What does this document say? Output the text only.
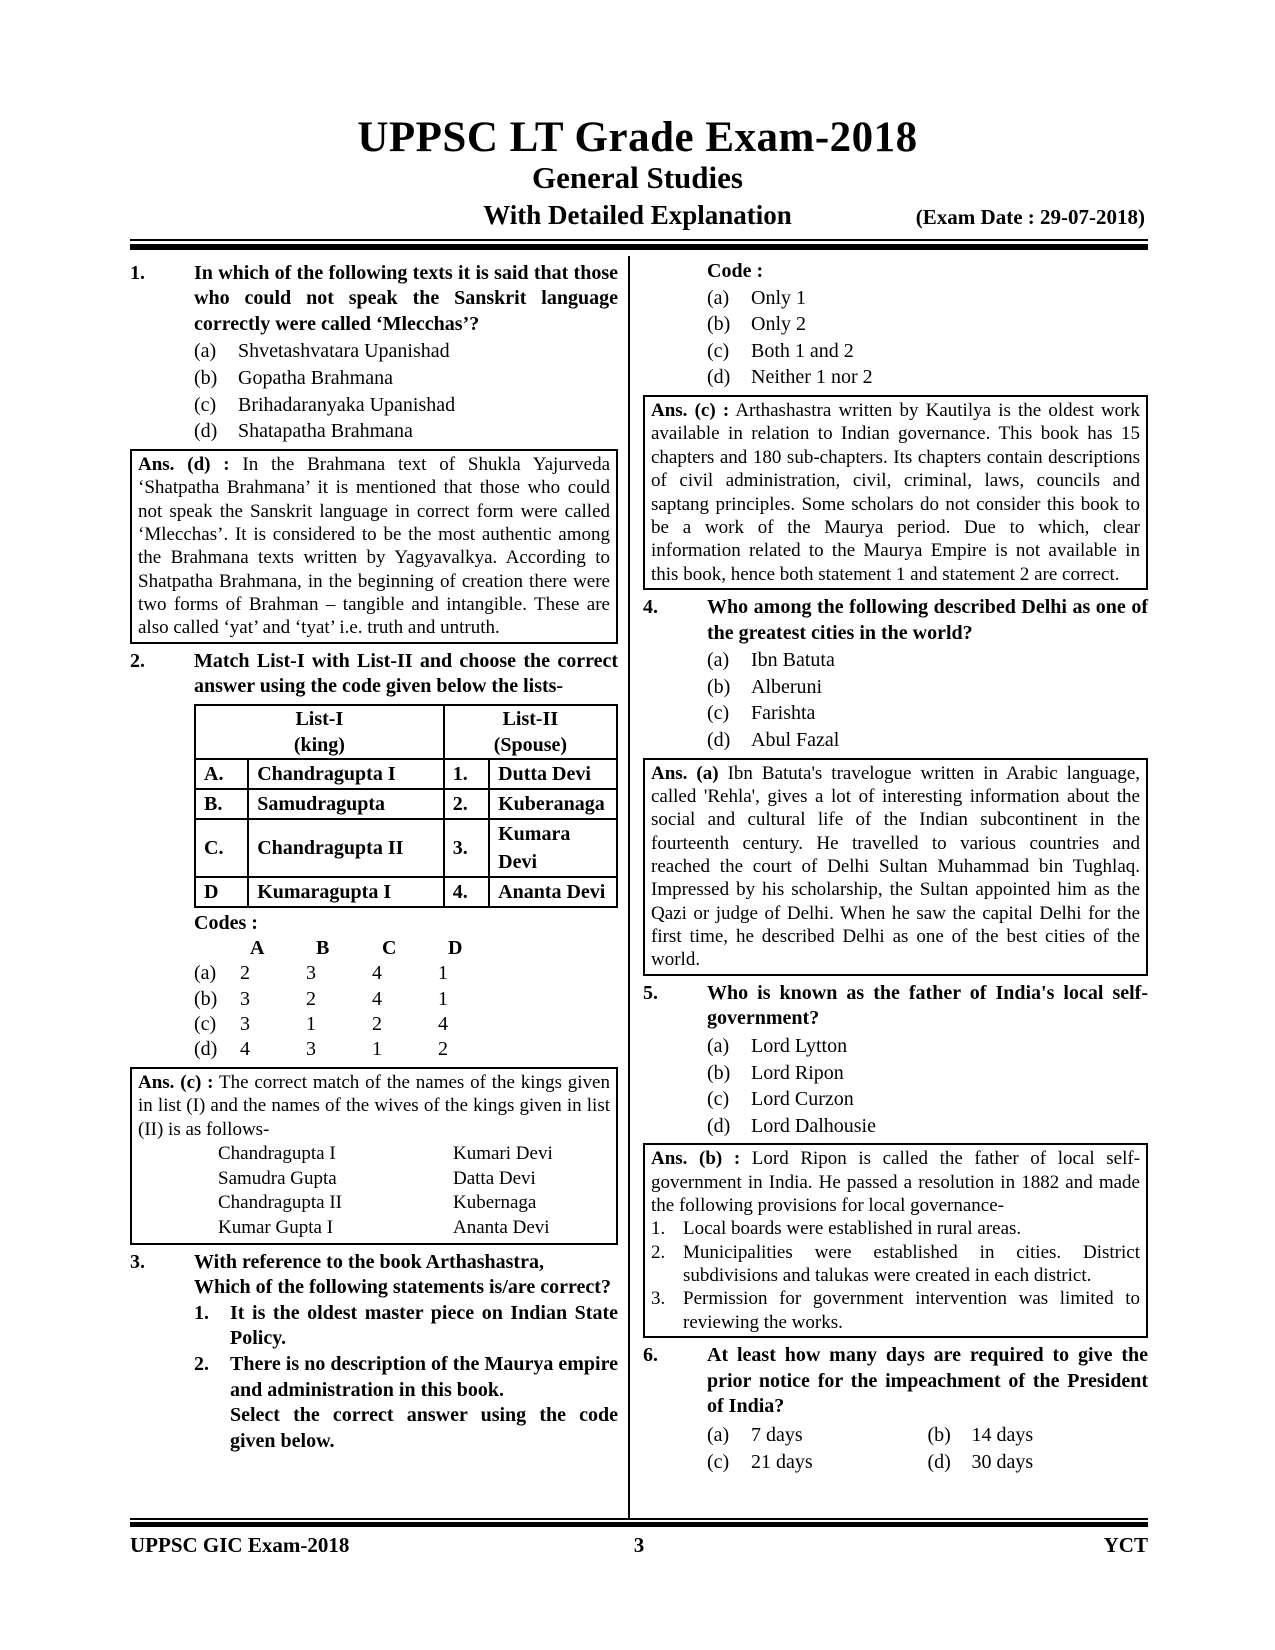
UPPSC LT Grade Exam-2018
General Studies
With Detailed Explanation	(Exam Date : 29-07-2018)
1.	In which of the following texts it is said that those who could not speak the Sanskrit language correctly were called ‘Mlecchas’?
(a)	Shvetashvatara Upanishad
(b)	Gopatha Brahmana
(c)	Brihadaranyaka Upanishad
(d)	Shatapatha Brahmana
Ans. (d) : In the Brahmana text of Shukla Yajurveda ‘Shatpatha Brahmana’ it is mentioned that those who could not speak the Sanskrit language in correct form were called ‘Mlecchas’. It is considered to be the most authentic among the Brahmana texts written by Yagyavalkya. According to Shatpatha Brahmana, in the beginning of creation there were two forms of Brahman – tangible and intangible. These are also called ‘yat’ and ‘tyat’ i.e. truth and untruth.
2.	Match List-I with List-II and choose the correct answer using the code given below the lists-
List-I
(king)

List-II
(Spouse)

A.	Chandragupta I	1.	Dutta Devi
B.	Samudragupta	2.	Kuberanaga
C.	Chandragupta II	3.	Kumara Devi
D	Kumaragupta I	4.	Ananta Devi
Codes :
A	B	C	D
(a)	2	3	4	1
(b)	3	2	4	1
(c)	3	1	2	4
(d)	4	3	1	2
Ans. (c) : The correct match of the names of the kings given in list (I) and the names of the wives of the kings given in list (II) is as follows-
Chandragupta I	Kumari Devi
Samudra Gupta	Datta Devi
Chandragupta II	Kubernaga
Kumar Gupta I	Ananta Devi
3.	With reference to the book Arthashastra,
Which of the following statements is/are correct?
1.	It is the oldest master piece on Indian State Policy.
2.	There is no description of the Maurya empire and administration in this book.
Select the correct answer using the code given below.
Code :
(a)	Only 1
(b)	Only 2
(c)	Both 1 and 2
(d)	Neither 1 nor 2
Ans. (c) : Arthashastra written by Kautilya is the oldest work available in relation to Indian governance. This book has 15 chapters and 180 sub-chapters. Its chapters contain descriptions of civil administration, civil, criminal, laws, councils and saptang principles. Some scholars do not consider this book to be a work of the Maurya period. Due to which, clear information related to the Maurya Empire is not available in this book, hence both statement 1 and statement 2 are correct.
4.	Who among the following described Delhi as one of the greatest cities in the world?
(a)	Ibn Batuta
(b)	Alberuni
(c)	Farishta
(d)	Abul Fazal
Ans. (a) Ibn Batuta's travelogue written in Arabic language, called 'Rehla', gives a lot of interesting information about the social and cultural life of the Indian subcontinent in the fourteenth century. He travelled to various countries and reached the court of Delhi Sultan Muhammad bin Tughlaq. Impressed by his scholarship, the Sultan appointed him as the Qazi or judge of Delhi. When he saw the capital Delhi for the first time, he described Delhi as one of the best cities of the world.
5.	Who is known as the father of India's local self-government?
(a)	Lord Lytton
(b)	Lord Ripon
(c)	Lord Curzon
(d)	Lord Dalhousie
Ans. (b) : Lord Ripon is called the father of local self-government in India. He passed a resolution in 1882 and made the following provisions for local governance-
1. Local boards were established in rural areas.
2. Municipalities were established in cities. District subdivisions and talukas were created in each district.
3. Permission for government intervention was limited to reviewing the works.
6.	At least how many days are required to give the prior notice for the impeachment of the President of India?
(a)	7 days	(b)	14 days
(c)	21 days	(d)	30 days
UPPSC GIC Exam-2018	3	YCT
